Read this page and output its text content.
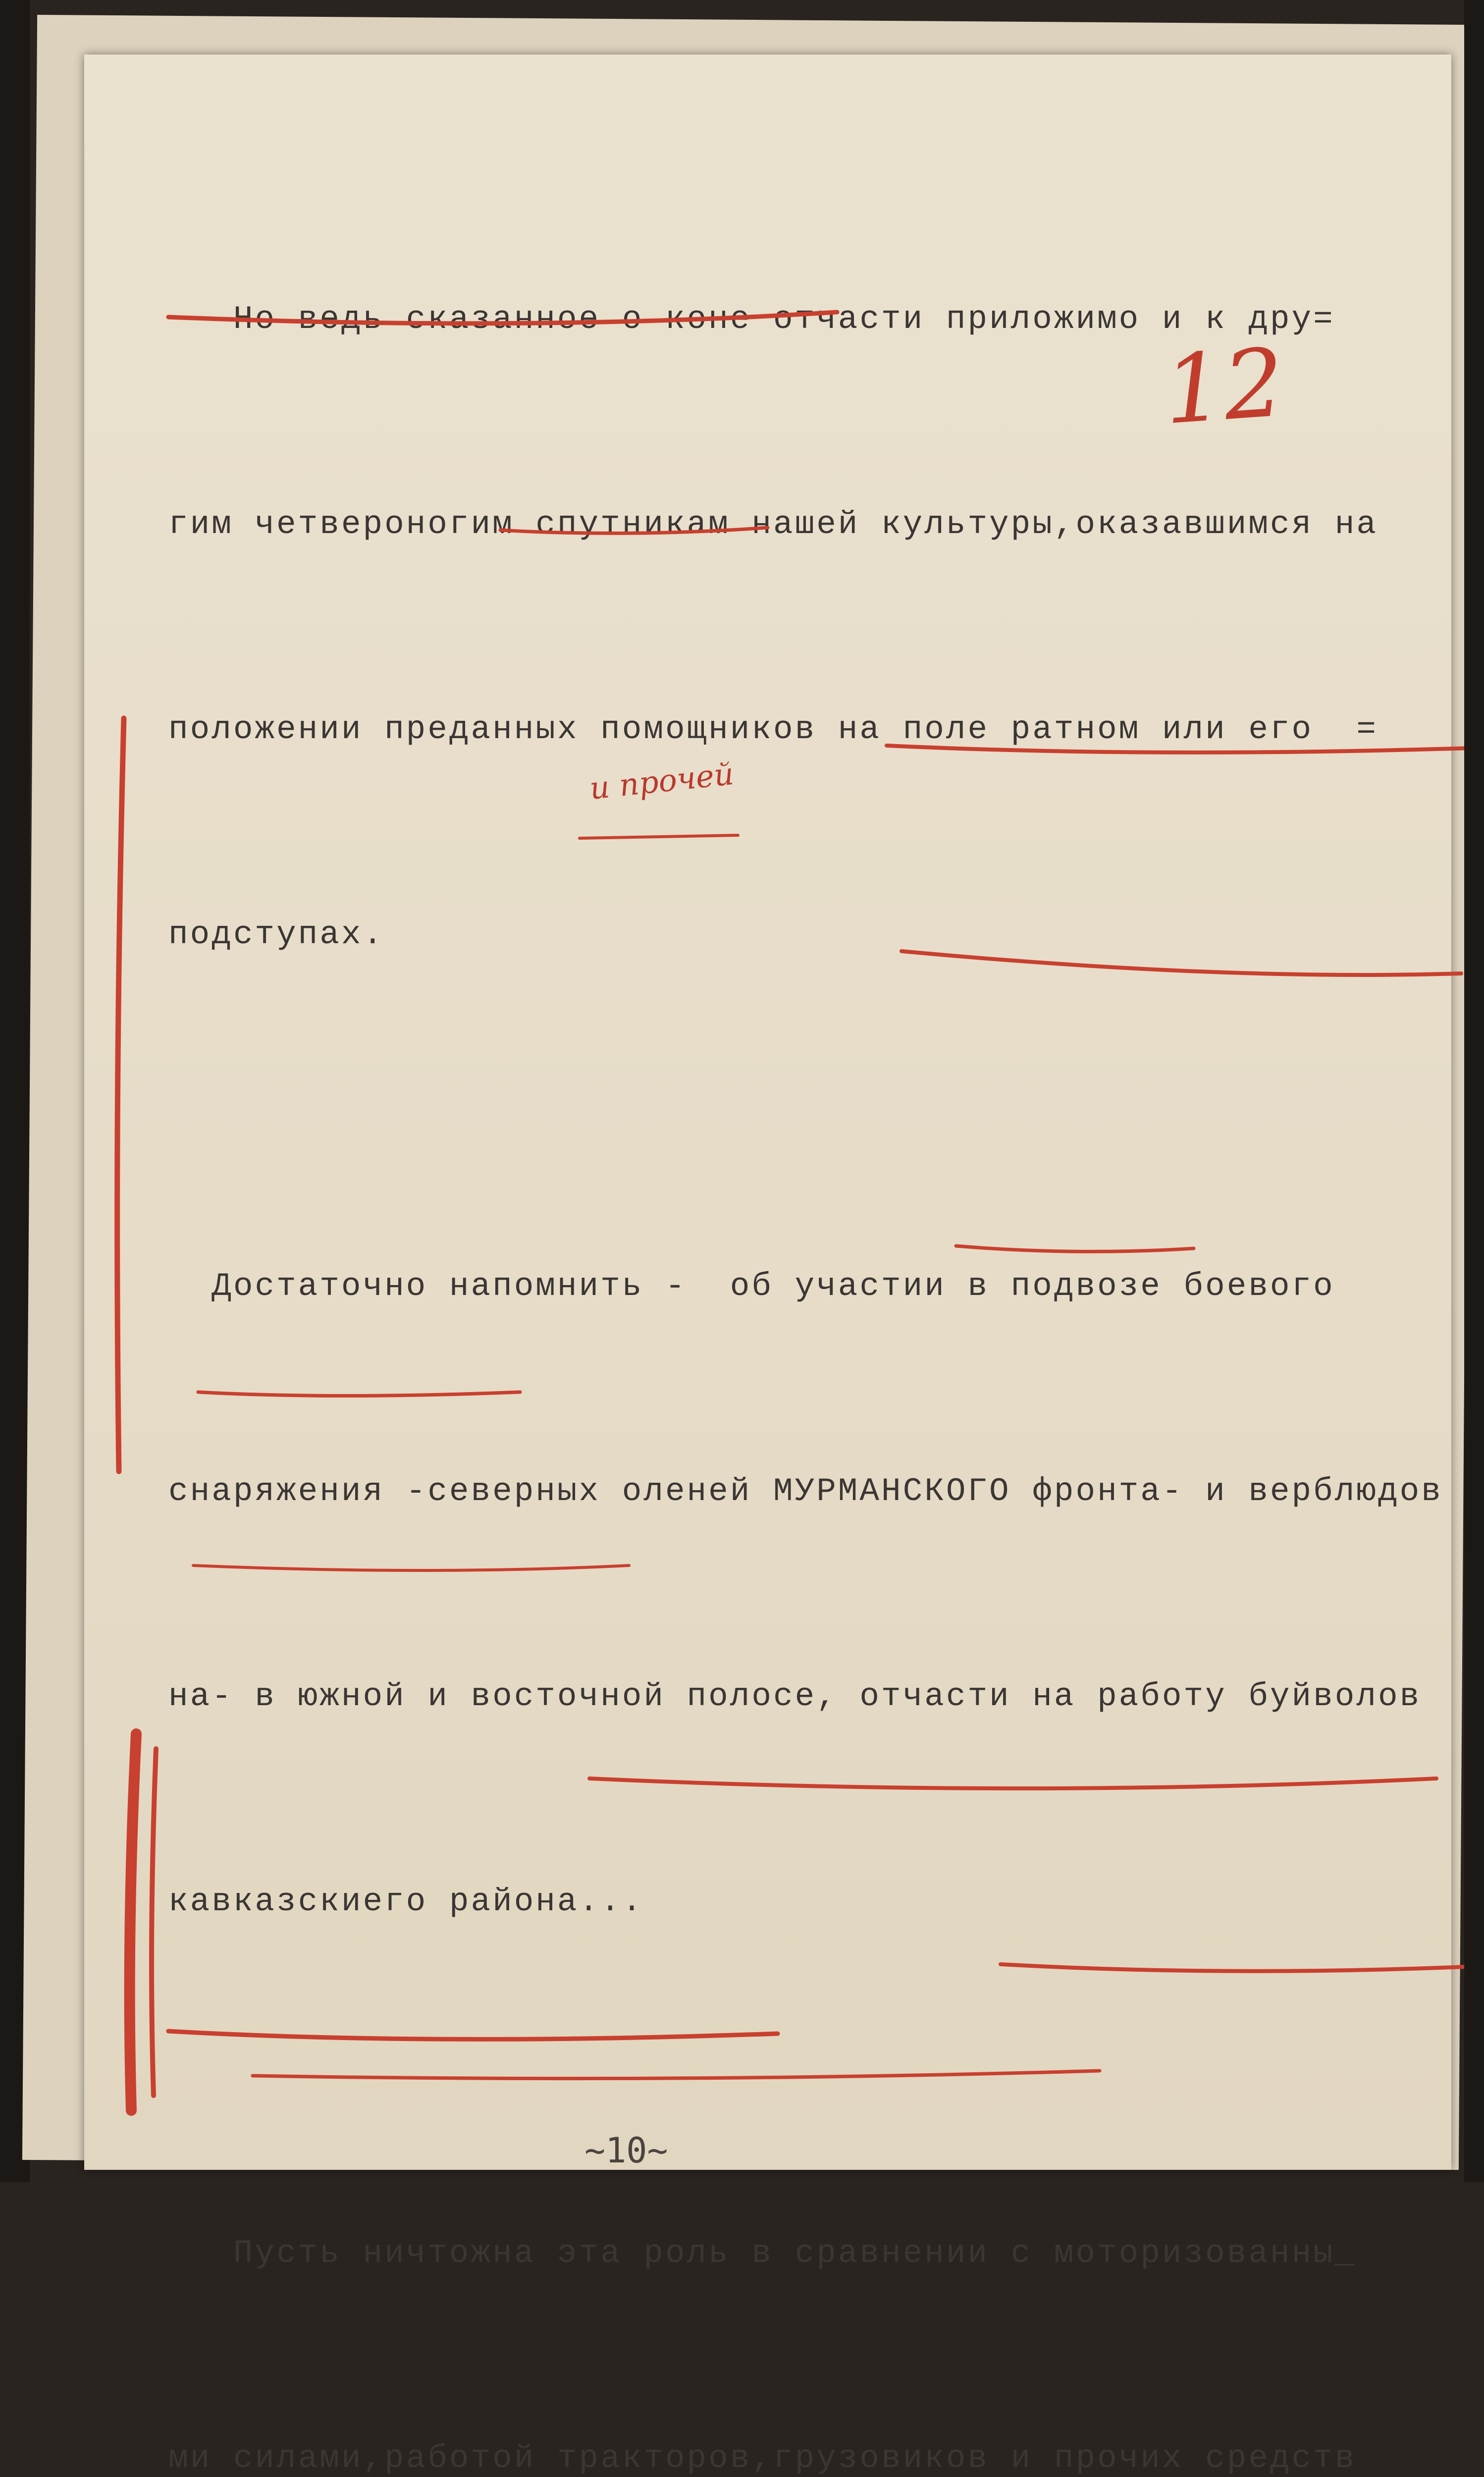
Но ведь сказанное о коне отчасти приложимо и к дру=

гим четвероногим спутникам нашей культуры,оказавшимся на

положении преданных помощников на поле ратном или его  =

подступах.

Достаточно напомнить -  об участии в подвозе боевого

снаряжения -северных оленей МУРМАНСКОГО фронта- и верблюдов

на- в южной и восточной полосе, отчасти на работу буйволов

кавказскиего района...

Пусть ничтожна эта роль в сравнении с моторизованны_

ми силами,работой тракторов,грузовиков и прочих средств

12
и прочей
~10~
